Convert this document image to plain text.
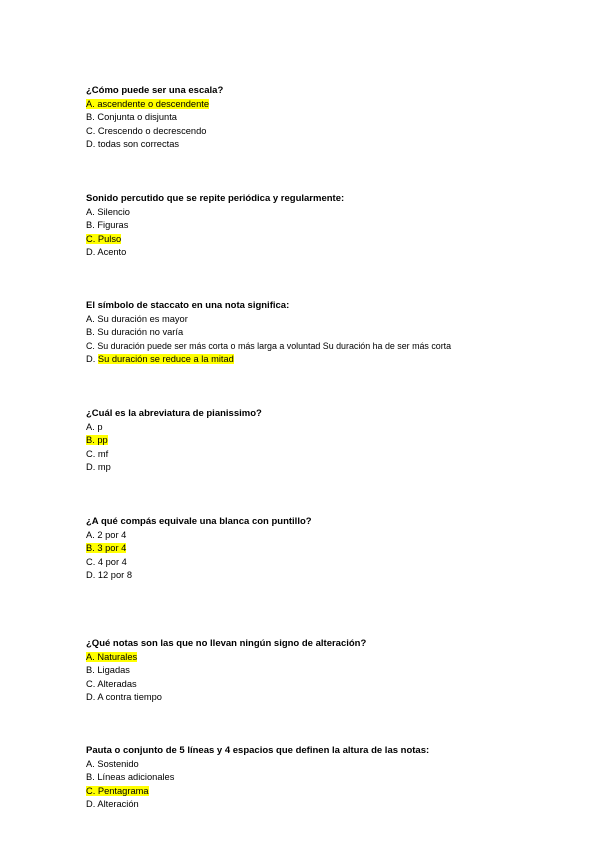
¿Cómo puede ser una escala?
A. ascendente o descendente
B. Conjunta o disjunta
C. Crescendo o decrescendo
D. todas son correctas
Sonido percutido que se repite periódica y regularmente:
A. Silencio
B. Figuras
C. Pulso
D. Acento
El símbolo de staccato en una nota significa:
A. Su duración es mayor
B. Su duración no varía
C. Su duración puede ser más corta o más larga a voluntad Su duración ha de ser más corta
D. Su duración se reduce a la mitad
¿Cuál es la abreviatura de pianissimo?
A. p
B. pp
C. mf
D. mp
¿A qué compás equivale una blanca con puntillo?
A. 2 por 4
B. 3 por 4
C. 4 por 4
D. 12 por 8
¿Qué notas son las que no llevan ningún signo de alteración?
A. Naturales
B. Ligadas
C. Alteradas
D. A contra tiempo
Pauta o conjunto de 5 líneas y 4 espacios que definen la altura de las notas:
A. Sostenido
B. Líneas adicionales
C. Pentagrama
D. Alteración
